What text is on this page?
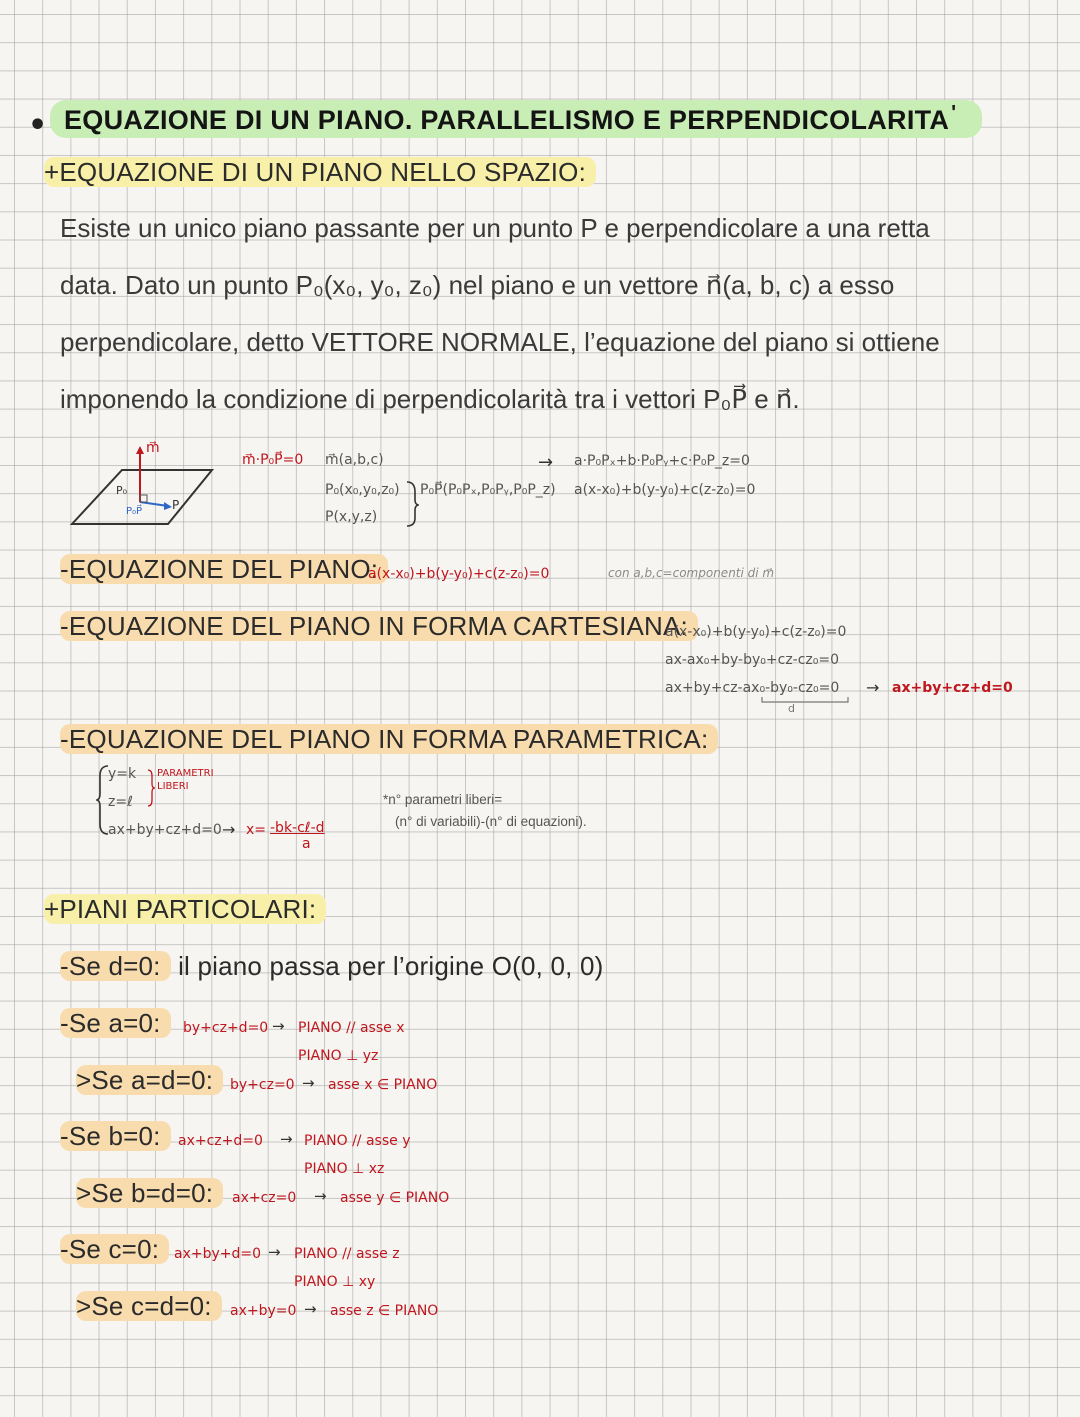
• EQUAZIONE DI UN PIANO. PARALLELISMO E PERPENDICOLARITA '
+EQUAZIONE DI UN PIANO NELLO SPAZIO:
Esiste un unico piano passante per un punto P e perpendicolare a una retta
data. Dato un punto P₀(x₀, y₀, z₀) nel piano e un vettore n⃗(a, b, c) a esso
perpendicolare, detto VETTORE NORMALE, l’equazione del piano si ottiene
imponendo la condizione di perpendicolarità tra i vettori P₀P⃗ e n⃗.
m⃗
P₀
P
P₀P⃗
m⃗·P₀P⃗=0 m⃗(a,b,c)
P₀(x₀,y₀,z₀)
P(x,y,z)
P₀P⃗(P₀Pₓ,P₀Pᵧ,P₀P_z)
→ a·P₀Pₓ+b·P₀Pᵧ+c·P₀P_z=0
a(x-x₀)+b(y-y₀)+c(z-z₀)=0
-EQUAZIONE DEL PIANO:
a(x-x₀)+b(y-y₀)+c(z-z₀)=0	con a,b,c=componenti di m⃗
-EQUAZIONE DEL PIANO IN FORMA CARTESIANA:
a(x-x₀)+b(y-y₀)+c(z-z₀)=0
ax-ax₀+by-by₀+cz-cz₀=0
ax+by+cz-ax₀-by₀-cz₀=0
d
→ ax+by+cz+d=0
-EQUAZIONE DEL PIANO IN FORMA PARAMETRICA:
y=k
z=ℓ
ax+by+cz+d=0
PARAMETRI
LIBERI
→ x= -bk-cℓ-d
a
*n° parametri liberi=
(n° di variabili)-(n° di equazioni).
+PIANI PARTICOLARI:
-Se d=0: il piano passa per l’origine O(0, 0, 0)
-Se a=0:	by+cz+d=0 → PIANO // asse x
PIANO ⊥ yz
>Se a=d=0:	by+cz=0 → asse x ∈ PIANO
-Se b=0:	ax+cz+d=0 → PIANO // asse y
PIANO ⊥ xz
>Se b=d=0:	ax+cz=0 → asse y ∈ PIANO
-Se c=0:	ax+by+d=0 → PIANO // asse z
PIANO ⊥ xy
>Se c=d=0:	ax+by=0 → asse z ∈ PIANO
